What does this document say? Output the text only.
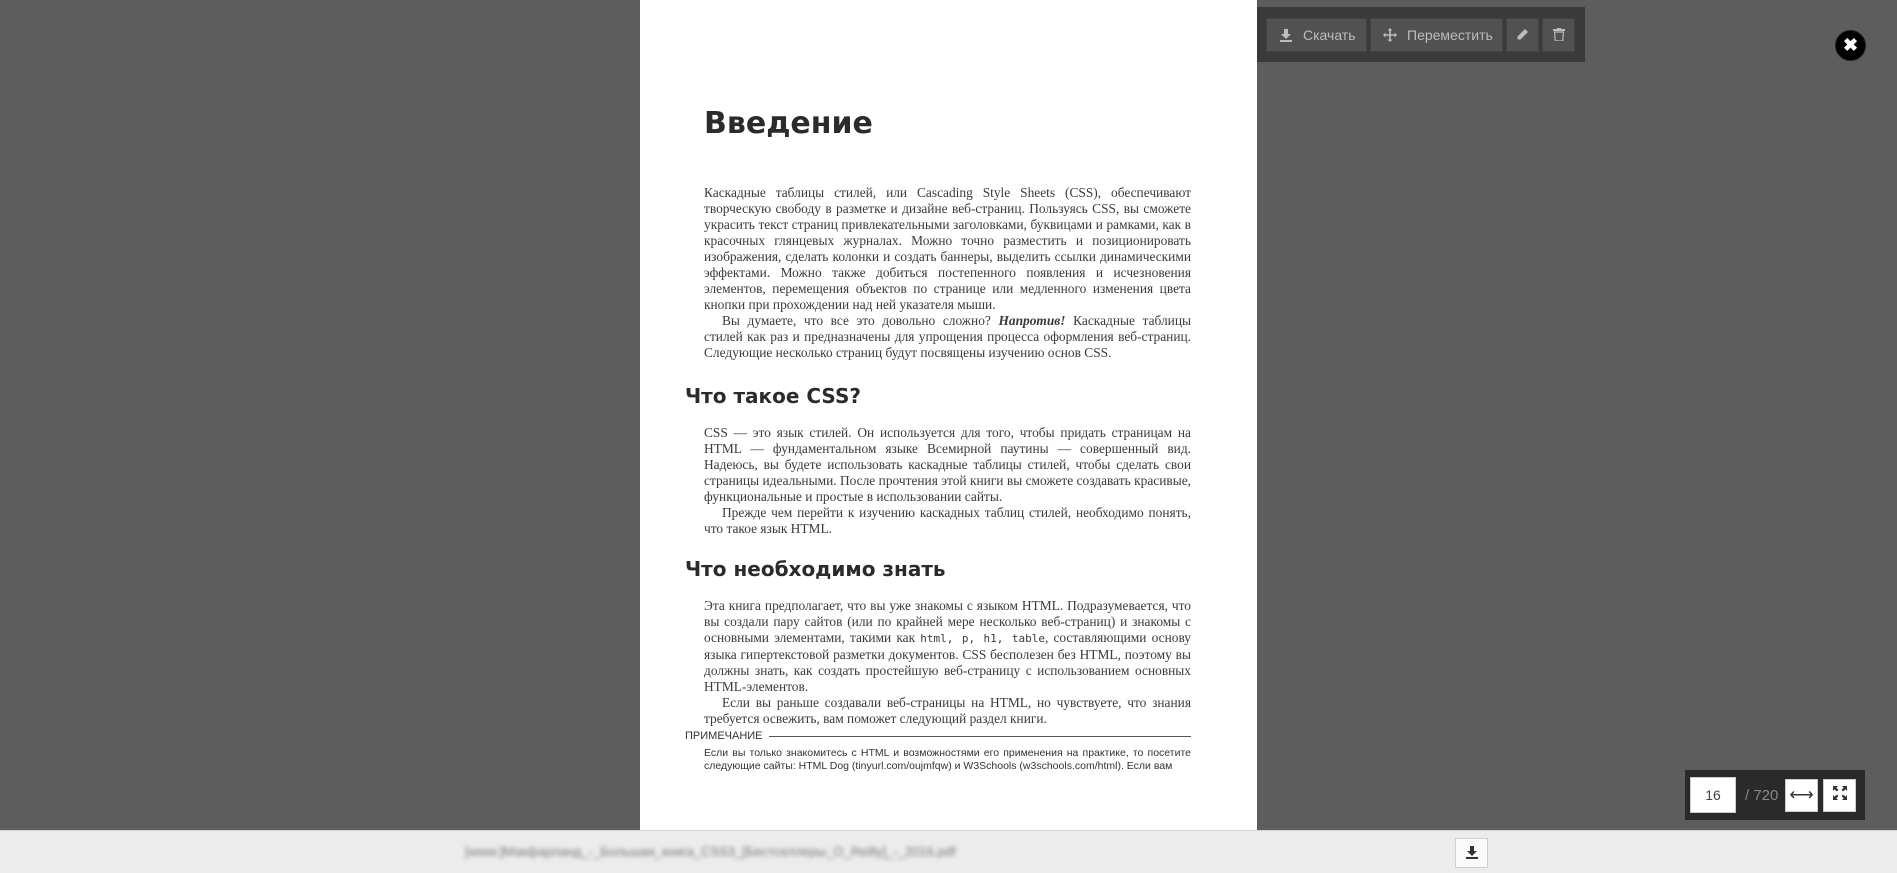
Введение

Каскадные таблицы стилей, или Cascading Style Sheets (CSS), обеспечивают творческую свободу в разметке и дизайне веб-страниц. Пользуясь CSS, вы сможете украсить текст страниц привлекательными заголовками, буквицами и рамками, как в красочных глянцевых журналах. Можно точно разместить и позиционировать изображения, сделать колонки и создать баннеры, выделить ссылки динамическими эффектами. Можно также добиться постепенного появления и исчезновения элементов, перемещения объектов по странице или медленного изменения цвета кнопки при прохождении над ней указателя мыши.

Вы думаете, что все это довольно сложно? Напротив! Каскадные таблицы стилей как раз и предназначены для упрощения процесса оформления веб-страниц. Следующие несколько страниц будут посвящены изучению основ CSS.

Что такое CSS?

CSS — это язык стилей. Он используется для того, чтобы придать страницам на HTML — фундаментальном языке Всемирной паутины — совершенный вид. Надеюсь, вы будете использовать каскадные таблицы стилей, чтобы сделать свои страницы идеальными. После прочтения этой книги вы сможете создавать красивые, функциональные и простые в использовании сайты.

Прежде чем перейти к изучению каскадных таблиц стилей, необходимо понять, что такое язык HTML.

Что необходимо знать

Эта книга предполагает, что вы уже знакомы с языком HTML. Подразумевается, что вы создали пару сайтов (или по крайней мере несколько веб-страниц) и знакомы с основными элементами, такими как html, p, h1, table, составляющими основу языка гипертекстовой разметки документов. CSS бесполезен без HTML, поэтому вы должны знать, как создать простейшую веб-страницу с использованием основных HTML-элементов.

Если вы раньше создавали веб-страницы на HTML, но чувствуете, что знания требуется освежить, вам поможет следующий раздел книги.

ПРИМЕЧАНИЕ
Если вы только знакомитесь с HTML и возможностями его применения на практике, то посетите следующие сайты: HTML Dog (tinyurl.com/oujmfqw) и W3Schools (w3schools.com/html). Если вам
Скачать	Переместить
✖
16
/ 720 ⟷
[www.]Макфарланд_-_Большая_книга_CSS3_[Бестселлеры_O_Reilly]_-_2016.pdf
